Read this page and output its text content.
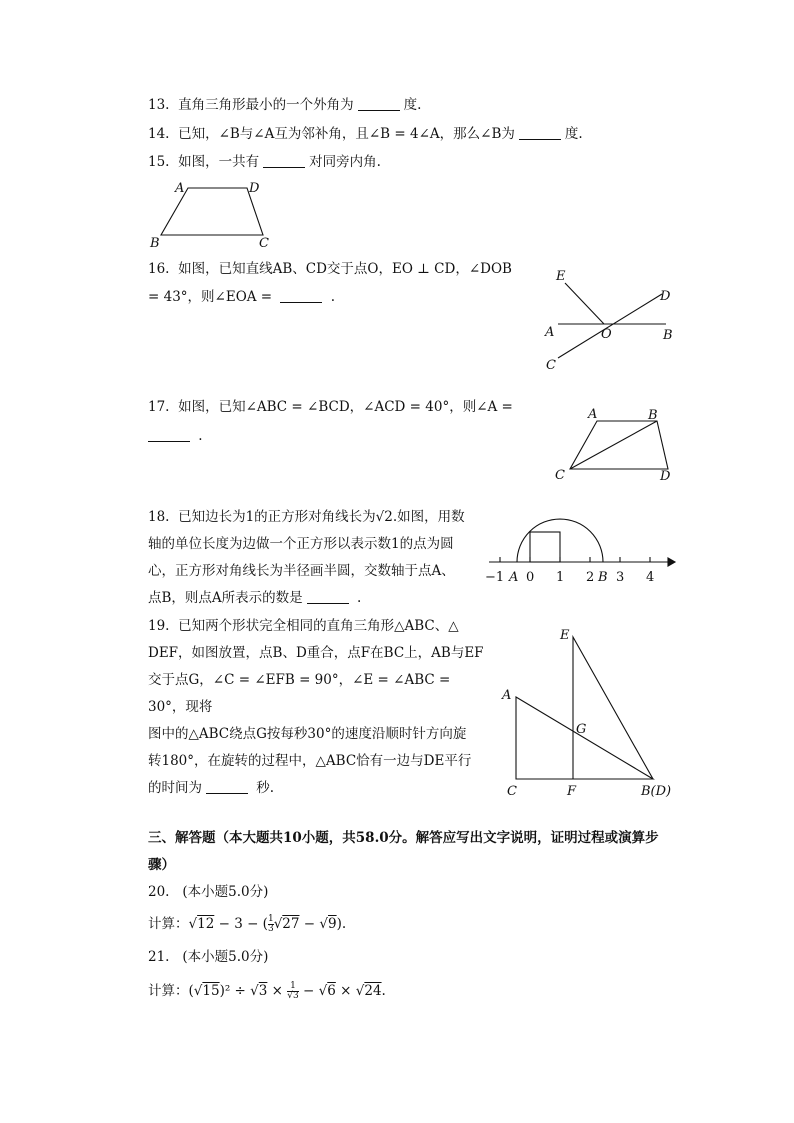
13. 直角三角形最小的一个外角为	度.
14. 已知，∠B与∠A互为邻补角，且∠B = 4∠A，那么∠B为	度.
15. 如图，一共有	对同旁内角.
A	D
B	C
16. 如图，已知直线AB、CD交于点O，EO ⊥ CD，∠DOB
= 43°，则∠EOA =	.
E
D
A	O	B
C
17. 如图，已知∠ABC = ∠BCD，∠ACD = 40°，则∠A =
.
A	B
C	D
18. 已知边长为1的正方形对角线长为√2.如图，用数
轴的单位长度为边做一个正方形以表示数1的点为圆
心，正方形对角线长为半径画半圆，交数轴于点A、
点B，则点A所表示的数是	.
−1 A 0 1 2 B 3 4
19. 已知两个形状完全相同的直角三角形△ABC、△
DEF，如图放置，点B、D重合，点F在BC上，AB与EF
交于点G，∠C = ∠EFB = 90°，∠E = ∠ABC = 30°，现将
图中的△ABC绕点G按每秒30°的速度沿顺时针方向旋
转180°，在旋转的过程中，△ABC恰有一边与DE平行
的时间为	秒.
A
E
G
C	F	B(D)
三、解答题（本大题共10小题，共58.0分。解答应写出文字说明，证明过程或演算步
骤）
20. (本小题5.0分)
计算：√12 − 3 − ( $\frac{1}{3} √27 - √9$).
21. (本小题5.0分)
计算：$(√15)^2 \div √3 \times \frac{1}{√3} - √6 \times √24$.
